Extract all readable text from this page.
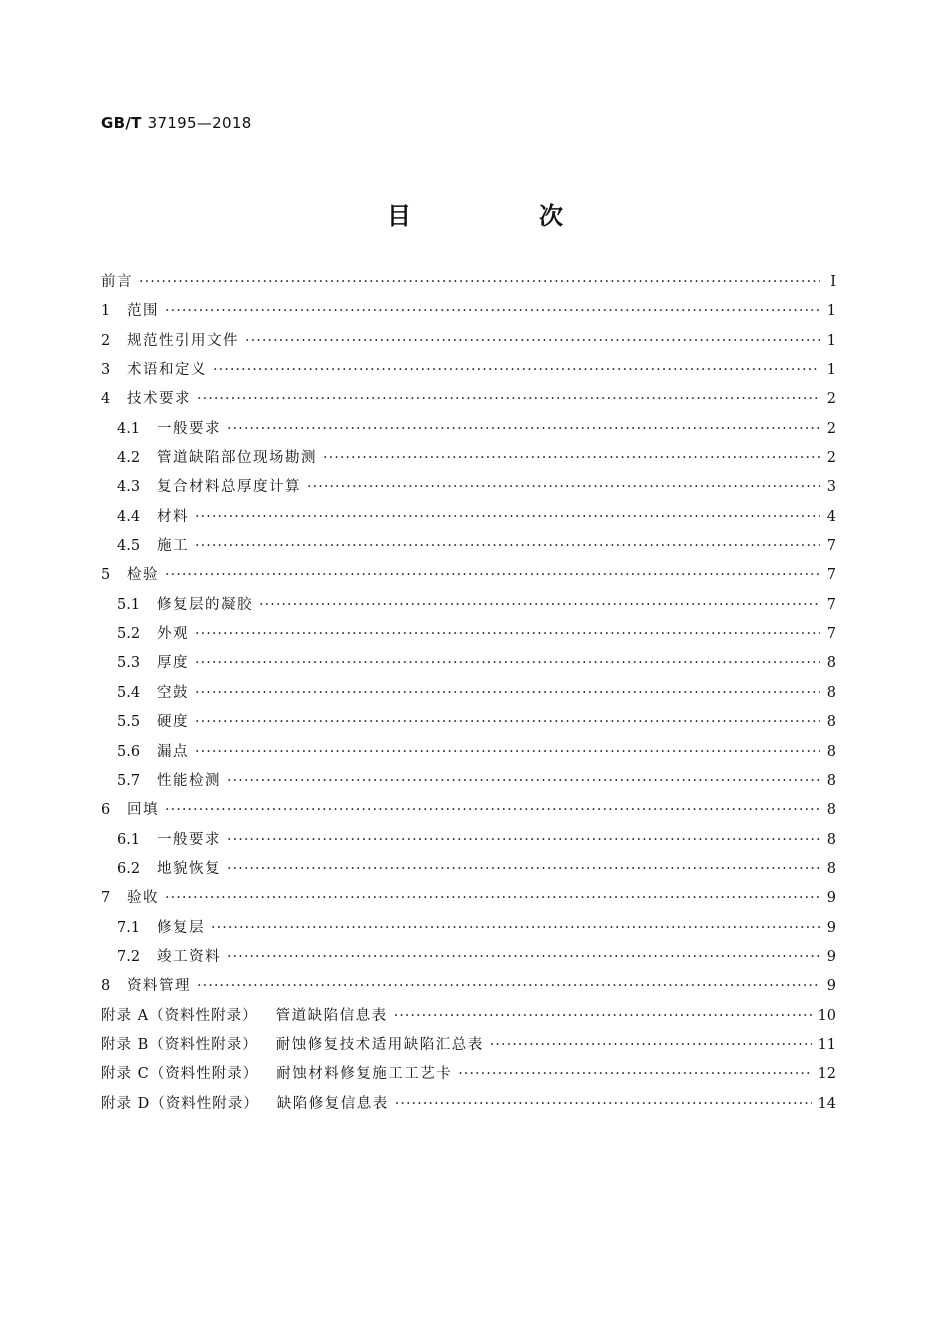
GB/T 37195—2018
目　次
前言 ·····	I
1	范围 ·····	1
2	规范性引用文件 ·····	1
3	术语和定义 ·····	1
4	技术要求 ·····	2
4.1	一般要求 ·····	2
4.2	管道缺陷部位现场勘测 ·····	2
4.3	复合材料总厚度计算 ·····	3
4.4	材料 ·····	4
4.5	施工 ·····	7
5	检验 ·····	7
5.1	修复层的凝胶 ·····	7
5.2	外观 ·····	7
5.3	厚度 ·····	8
5.4	空鼓 ·····	8
5.5	硬度 ·····	8
5.6	漏点 ·····	8
5.7	性能检测 ·····	8
6	回填 ·····	8
6.1	一般要求 ·····	8
6.2	地貌恢复 ·····	8
7	验收 ·····	9
7.1	修复层 ·····	9
7.2	竣工资料 ·····	9
8	资料管理 ·····	9
附录 A（资料性附录） 管道缺陷信息表 ·····	10
附录 B（资料性附录） 耐蚀修复技术适用缺陷汇总表 ·····	11
附录 C（资料性附录） 耐蚀材料修复施工工艺卡 ·····	12
附录 D（资料性附录） 缺陷修复信息表 ·····	14
